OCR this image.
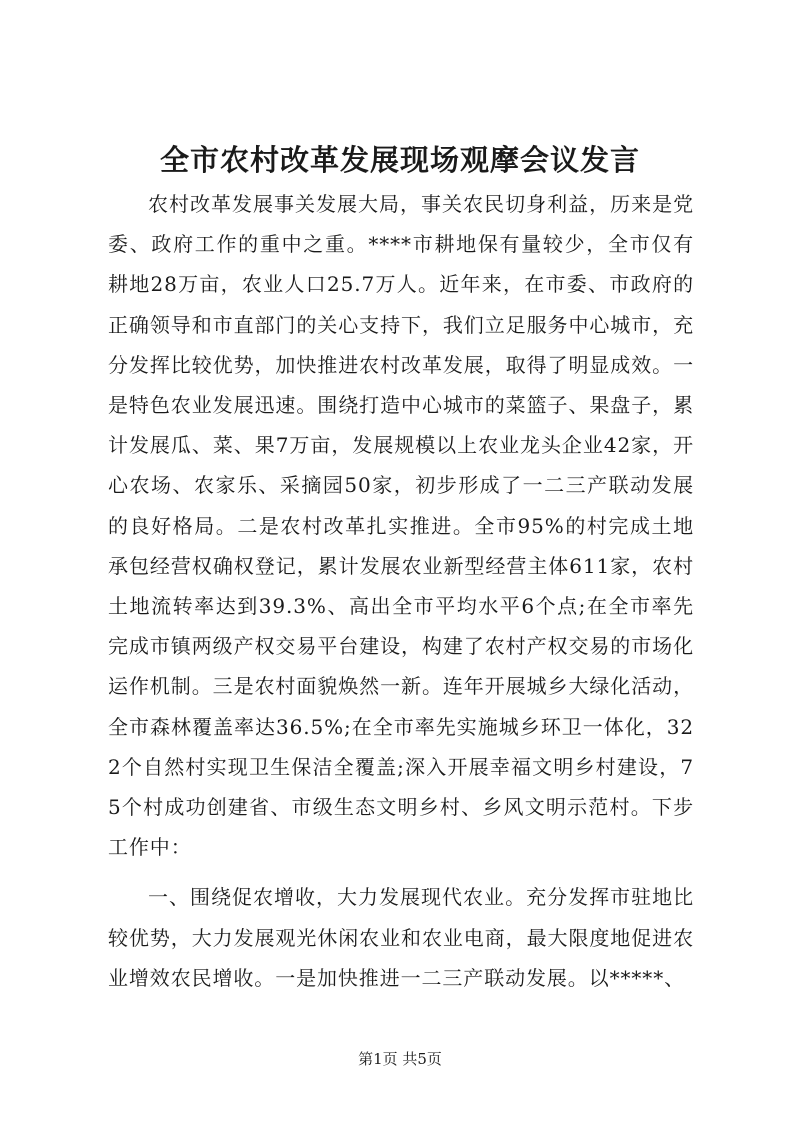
全市农村改革发展现场观摩会议发言

农村改革发展事关发展大局，事关农民切身利益，历来是党委、政府工作的重中之重。****市耕地保有量较少，全市仅有耕地28万亩，农业人口25.7万人。近年来，在市委、市政府的正确领导和市直部门的关心支持下，我们立足服务中心城市，充分发挥比较优势，加快推进农村改革发展，取得了明显成效。一是特色农业发展迅速。围绕打造中心城市的菜篮子、果盘子，累计发展瓜、菜、果7万亩，发展规模以上农业龙头企业42家，开心农场、农家乐、采摘园50家，初步形成了一二三产联动发展的良好格局。二是农村改革扎实推进。全市95%的村完成土地承包经营权确权登记，累计发展农业新型经营主体611家，农村土地流转率达到39.3%、高出全市平均水平6个点;在全市率先完成市镇两级产权交易平台建设，构建了农村产权交易的市场化运作机制。三是农村面貌焕然一新。连年开展城乡大绿化活动，全市森林覆盖率达36.5%;在全市率先实施城乡环卫一体化，322个自然村实现卫生保洁全覆盖;深入开展幸福文明乡村建设，75个村成功创建省、市级生态文明乡村、乡风文明示范村。下步工作中：

一、围绕促农增收，大力发展现代农业。充分发挥市驻地比较优势，大力发展观光休闲农业和农业电商，最大限度地促进农业增效农民增收。一是加快推进一二三产联动发展。以*****、

第1页 共5页
